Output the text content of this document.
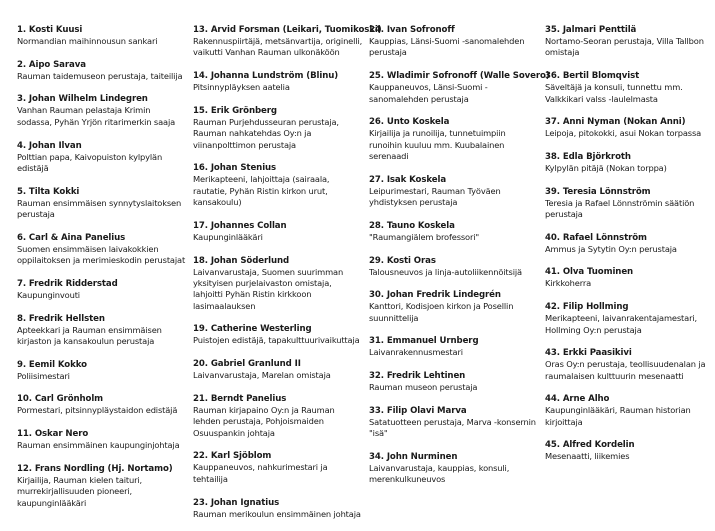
1. Kosti Kuusi
Normandian maihinnousun sankari
2. Aipo Sarava
Rauman taidemuseon perustaja, taiteilija
3. Johan Wilhelm Lindegren
Vanhan Rauman pelastaja Krimin sodassa, Pyhän Yrjön ritarimerkin saaja
4. Johan Ilvan
Polttian papa, Kaivopuiston kylpylän edistäjä
5. Tilta Kokki
Rauman ensimmäisen synnytyslaitoksen perustaja
6. Carl & Aina Panelius
Suomen ensimmäisen laivakokkien oppilaitoksen ja merimieskodin perustajat
7. Fredrik Ridderstad
Kaupunginvouti
8. Fredrik Hellsten
Apteekkari ja Rauman ensimmäisen kirjaston ja kansakoulun perustaja
9. Eemil Kokko
Poliisimestari
10. Carl Grönholm
Pormestari, pitsinnypläystaidon edistäjä
11. Oskar Nero
Rauman ensimmäinen kaupunginjohtaja
12. Frans Nordling (Hj. Nortamo)
Kirjailija, Rauman kielen taituri, murrekirjallisuuden pioneeri, kaupunginlääkäri
13. Arvid Forsman (Leikari, Tuomikoski)
Rakennuspiirtäjä, metsänvartija, originelli, vaikutti Vanhan Rauman ulkonäköön
14. Johanna Lundström (Blinu)
Pitsinnypläyksen aatelia
15. Erik Grönberg
Rauman Purjehdusseuran perustaja, Rauman nahkatehdas Oy:n ja viinanpolttimon perustaja
16. Johan Stenius
Merikapteeni, lahjoittaja (sairaala, rautatie, Pyhän Ristin kirkon urut, kansakoulu)
17. Johannes Collan
Kaupunginlääkäri
18. Johan Söderlund
Laivanvarustaja, Suomen suurimman yksityisen purjelaivaston omistaja, lahjoitti Pyhän Ristin kirkkoon lasimaalauksen
19. Catherine Westerling
Puistojen edistäjä, tapakulttuurivaikuttaja
20. Gabriel Granlund II
Laivanvarustaja, Marelan omistaja
21. Berndt Panelius
Rauman kirjapaino Oy:n ja Rauman lehden perustaja, Pohjoismaiden Osuuspankin johtaja
22. Karl Sjöblom
Kauppaneuvos, nahkurimestari ja tehtailija
23. Johan Ignatius
Rauman merikoulun ensimmäinen johtaja
24. Ivan Sofronoff
Kauppias, Länsi-Suomi -sanomalehden perustaja
25. Wladimir Sofronoff (Walle Sovero)
Kauppaneuvos, Länsi-Suomi -sanomalehden perustaja
26. Unto Koskela
Kirjailija ja runoilija, tunnetuimpiin runoihin kuuluu mm. Kuubalainen serenaadi
27. Isak Koskela
Leipurimestari, Rauman Työväen yhdistyksen perustaja
28. Tauno Koskela
"Raumangiälem brofessori"
29. Kosti Oras
Talousneuvos ja linja-autoliikennöitsijä
30. Johan Fredrik Lindegrén
Kanttori, Kodisjoen kirkon ja Posellin suunnittelija
31. Emmanuel Urnberg
Laivanrakennusmestari
32. Fredrik Lehtinen
Rauman museon perustaja
33. Filip Olavi Marva
Satatuotteen perustaja, Marva -konsernin "isä"
34. John Nurminen
Laivanvarustaja, kauppias, konsuli, merenkulkuneuvos
35. Jalmari Penttilä
Nortamo-Seoran perustaja, Villa Tallbon omistaja
36. Bertil Blomqvist
Säveltäjä ja konsuli, tunnettu mm. Valkkikari valss -laulelmasta
37. Anni Nyman (Nokan Anni)
Leipoja, pitokokki, asui Nokan torpassa
38. Edla Björkroth
Kylpylän pitäjä (Nokan torppa)
39. Teresia Lönnström
Teresia ja Rafael Lönnströmin säätiön perustaja
40. Rafael Lönnström
Ammus ja Sytytin Oy:n perustaja
41. Olva Tuominen
Kirkkoherra
42. Filip Hollming
Merikapteeni, laivanrakentajamestari, Hollming Oy:n perustaja
43. Erkki Paasikivi
Oras Oy:n perustaja, teollisuudenalan ja raumalaisen kulttuurin mesenaatti
44. Arne Alho
Kaupunginlääkäri, Rauman historian kirjoittaja
45. Alfred Kordelin
Mesenaatti, liikemies
